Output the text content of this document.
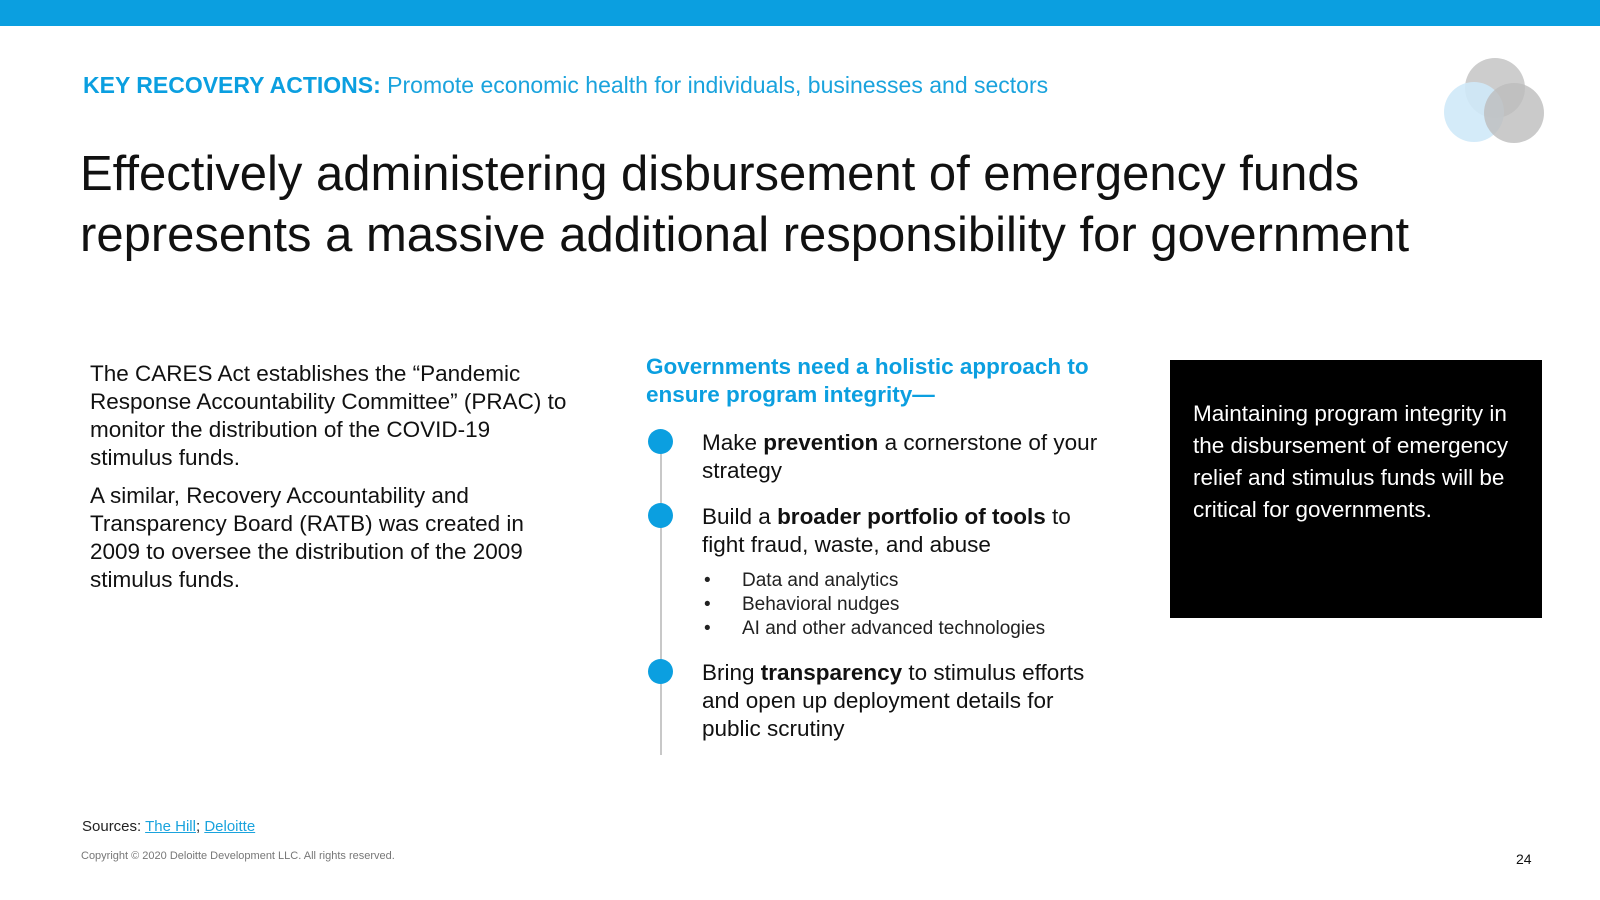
KEY RECOVERY ACTIONS: Promote economic health for individuals, businesses and sectors
Effectively administering disbursement of emergency funds
represents a massive additional responsibility for government

The CARES Act establishes the “Pandemic Response Accountability Committee” (PRAC) to monitor the distribution of the COVID-19 stimulus funds.

A similar, Recovery Accountability and Transparency Board (RATB) was created in 2009 to oversee the distribution of the 2009 stimulus funds.

Governments need a holistic approach to ensure program integrity—
Make prevention a cornerstone of your strategy
Build a broader portfolio of tools to fight fraud, waste, and abuse
• Data and analytics
• Behavioral nudges
• AI and other advanced technologies
Bring transparency to stimulus efforts and open up deployment details for public scrutiny
Maintaining program integrity in the disbursement of emergency relief and stimulus funds will be critical for governments.
Sources: The Hill; Deloitte
Copyright © 2020 Deloitte Development LLC. All rights reserved.	24
